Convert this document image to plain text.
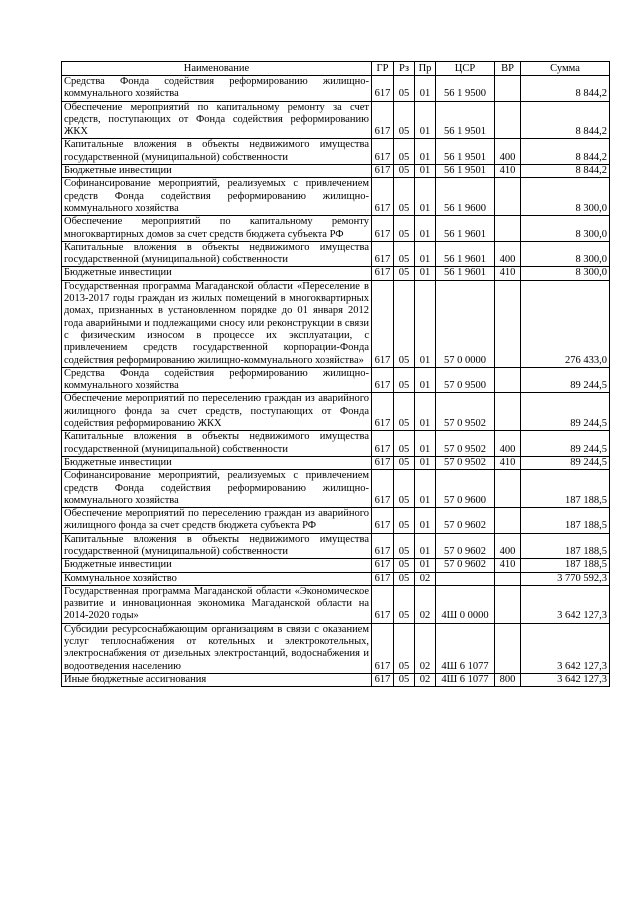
Наименование	ГР	Рз	Пр	ЦСР	ВР	Сумма
Средства Фонда содействия реформированию жилищно-коммунального хозяйства	617	05	01	56 1 9500		8 844,2
Обеспечение мероприятий по капитальному ремонту за счет средств, поступающих от Фонда содействия реформированию ЖКХ	617	05	01	56 1 9501		8 844,2
Капитальные вложения в объекты недвижимого имущества государственной (муниципальной) собственности	617	05	01	56 1 9501	400	8 844,2
Бюджетные инвестиции	617	05	01	56 1 9501	410	8 844,2
Софинансирование мероприятий, реализуемых с привлечением средств Фонда содействия реформированию жилищно-коммунального хозяйства	617	05	01	56 1 9600		8 300,0
Обеспечение мероприятий по капитальному ремонту многоквартирных домов за счет средств бюджета субъекта РФ	617	05	01	56 1 9601		8 300,0
Капитальные вложения в объекты недвижимого имущества государственной (муниципальной) собственности	617	05	01	56 1 9601	400	8 300,0
Бюджетные инвестиции	617	05	01	56 1 9601	410	8 300,0
Государственная программа Магаданской области «Переселение в 2013-2017 годы граждан из жилых помещений в многоквартирных домах, признанных в установленном порядке до 01 января 2012 года аварийными и подлежащими сносу или реконструкции в связи с физическим износом в процессе их эксплуатации, с привлечением средств государственной корпорации-Фонда содействия реформированию жилищно-коммунального хозяйства»	617	05	01	57 0 0000		276 433,0
Средства Фонда содействия реформированию жилищно-коммунального хозяйства	617	05	01	57 0 9500		89 244,5
Обеспечение мероприятий по переселению граждан из аварийного жилищного фонда за счет средств, поступающих от Фонда содействия реформированию ЖКХ	617	05	01	57 0 9502		89 244,5
Капитальные вложения в объекты недвижимого имущества государственной (муниципальной) собственности	617	05	01	57 0 9502	400	89 244,5
Бюджетные инвестиции	617	05	01	57 0 9502	410	89 244,5
Софинансирование мероприятий, реализуемых с привлечением средств Фонда содействия реформированию жилищно-коммунального хозяйства	617	05	01	57 0 9600		187 188,5
Обеспечение мероприятий по переселению граждан из аварийного жилищного фонда за счет средств бюджета субъекта РФ	617	05	01	57 0 9602		187 188,5
Капитальные вложения в объекты недвижимого имущества государственной (муниципальной) собственности	617	05	01	57 0 9602	400	187 188,5
Бюджетные инвестиции	617	05	01	57 0 9602	410	187 188,5
Коммунальное хозяйство	617	05	02			3 770 592,3
Государственная программа Магаданской области «Экономическое развитие и инновационная экономика Магаданской области на 2014-2020 годы»	617	05	02	4Ш 0 0000		3 642 127,3
Субсидии ресурсоснабжающим организациям в связи с оказанием услуг теплоснабжения от котельных и электрокотельных, электроснабжения от дизельных электростанций, водоснабжения и водоотведения населению	617	05	02	4Ш 6 1077		3 642 127,3
Иные бюджетные ассигнования	617	05	02	4Ш 6 1077	800	3 642 127,3
